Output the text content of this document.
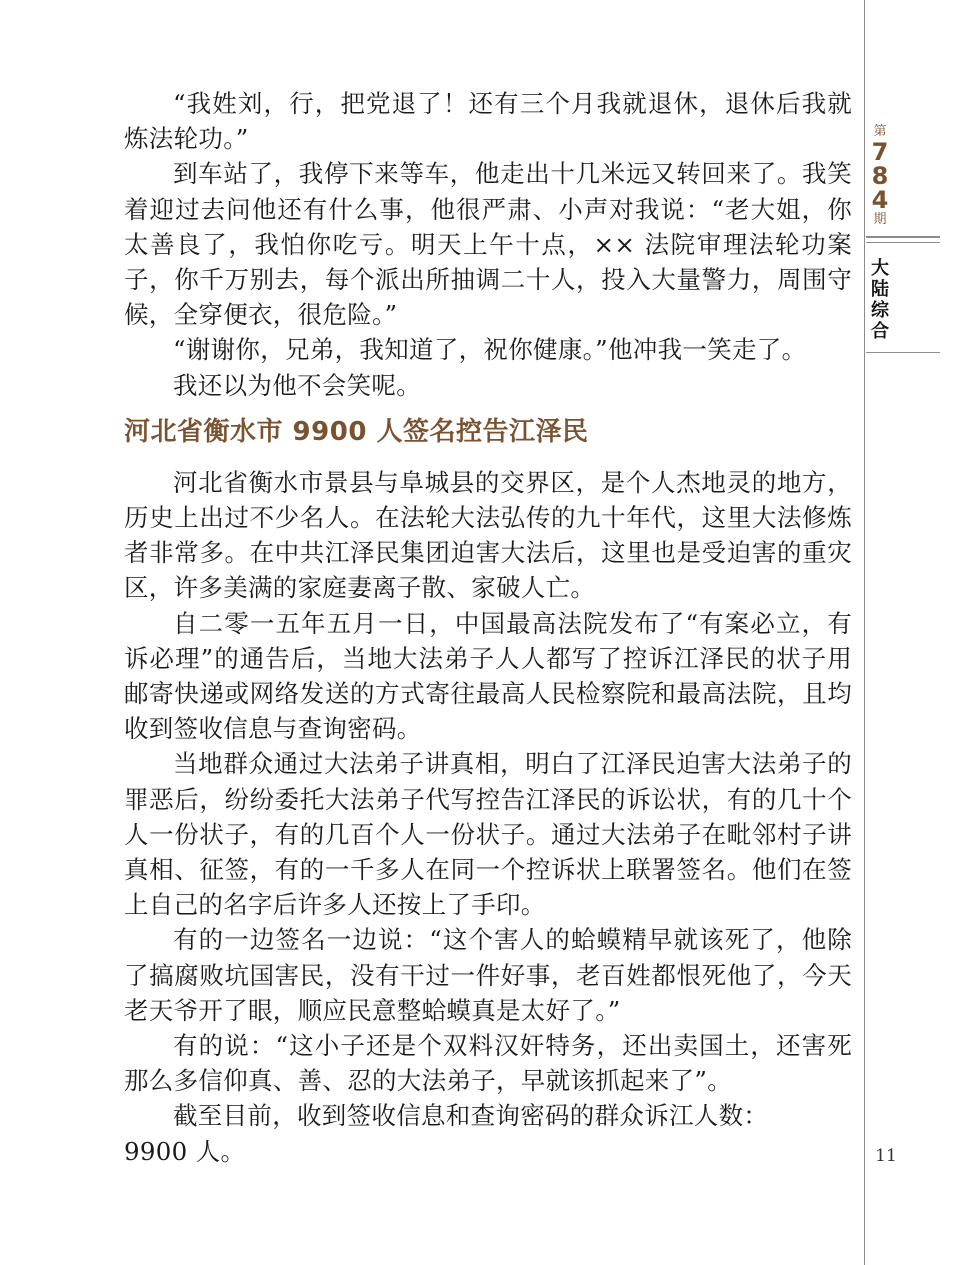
“我姓刘，行，把党退了！还有三个月我就退休，退休后我就炼法轮功。”

到车站了，我停下来等车，他走出十几米远又转回来了。我笑着迎过去问他还有什么事，他很严肃、小声对我说：“老大姐，你太善良了，我怕你吃亏。明天上午十点，×× 法院审理法轮功案子，你千万别去，每个派出所抽调二十人，投入大量警力，周围守候，全穿便衣，很危险。”

“谢谢你，兄弟，我知道了，祝你健康。”他冲我一笑走了。

我还以为他不会笑呢。

河北省衡水市 9900 人签名控告江泽民

河北省衡水市景县与阜城县的交界区，是个人杰地灵的地方，历史上出过不少名人。在法轮大法弘传的九十年代，这里大法修炼者非常多。在中共江泽民集团迫害大法后，这里也是受迫害的重灾区，许多美满的家庭妻离子散、家破人亡。

自二零一五年五月一日，中国最高法院发布了“有案必立，有诉必理”的通告后，当地大法弟子人人都写了控诉江泽民的状子用邮寄快递或网络发送的方式寄往最高人民检察院和最高法院，且均收到签收信息与查询密码。

当地群众通过大法弟子讲真相，明白了江泽民迫害大法弟子的罪恶后，纷纷委托大法弟子代写控告江泽民的诉讼状，有的几十个人一份状子，有的几百个人一份状子。通过大法弟子在毗邻村子讲真相、征签，有的一千多人在同一个控诉状上联署签名。他们在签上自己的名字后许多人还按上了手印。

有的一边签名一边说：“这个害人的蛤蟆精早就该死了，他除了搞腐败坑国害民，没有干过一件好事，老百姓都恨死他了，今天老天爷开了眼，顺应民意整蛤蟆真是太好了。”

有的说：“这小子还是个双料汉奸特务，还出卖国土，还害死那么多信仰真、善、忍的大法弟子，早就该抓起来了”。

截至目前，收到签收信息和查询密码的群众诉江人数：

9900 人。

第
7
8
4
期
大
陆
综
合
11
